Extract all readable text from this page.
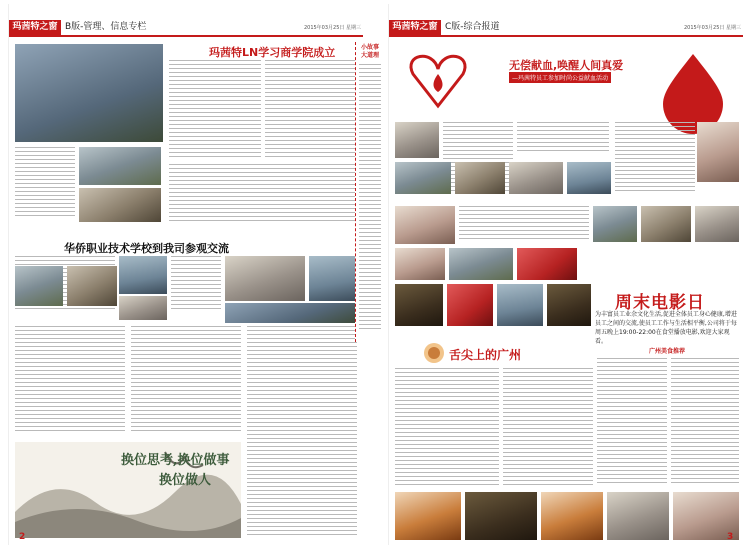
玛茜特之窗 B版-管理、信息专栏	2015年03月25日 星期三
玛茜特LN学习商学院成立
华侨职业技术学校到我司参观交流
换位思考,换位做事
换位做人
2
玛茜特之窗 C版-综合报道	2015年03月25日 星期三
小故事 大道理
无偿献血,唤醒人间真爱
—玛茜特员工参加时尚公益献血活动
周末电影日
为丰富员工业余文化生活,促进全体员工身心健康,增进员工之间的交流,使员工工作与生活相平衡,公司将于每周五晚上19:00-22:00在食堂播放电影,欢迎大家观看。
舌尖上的广州	广州美食推荐
3
